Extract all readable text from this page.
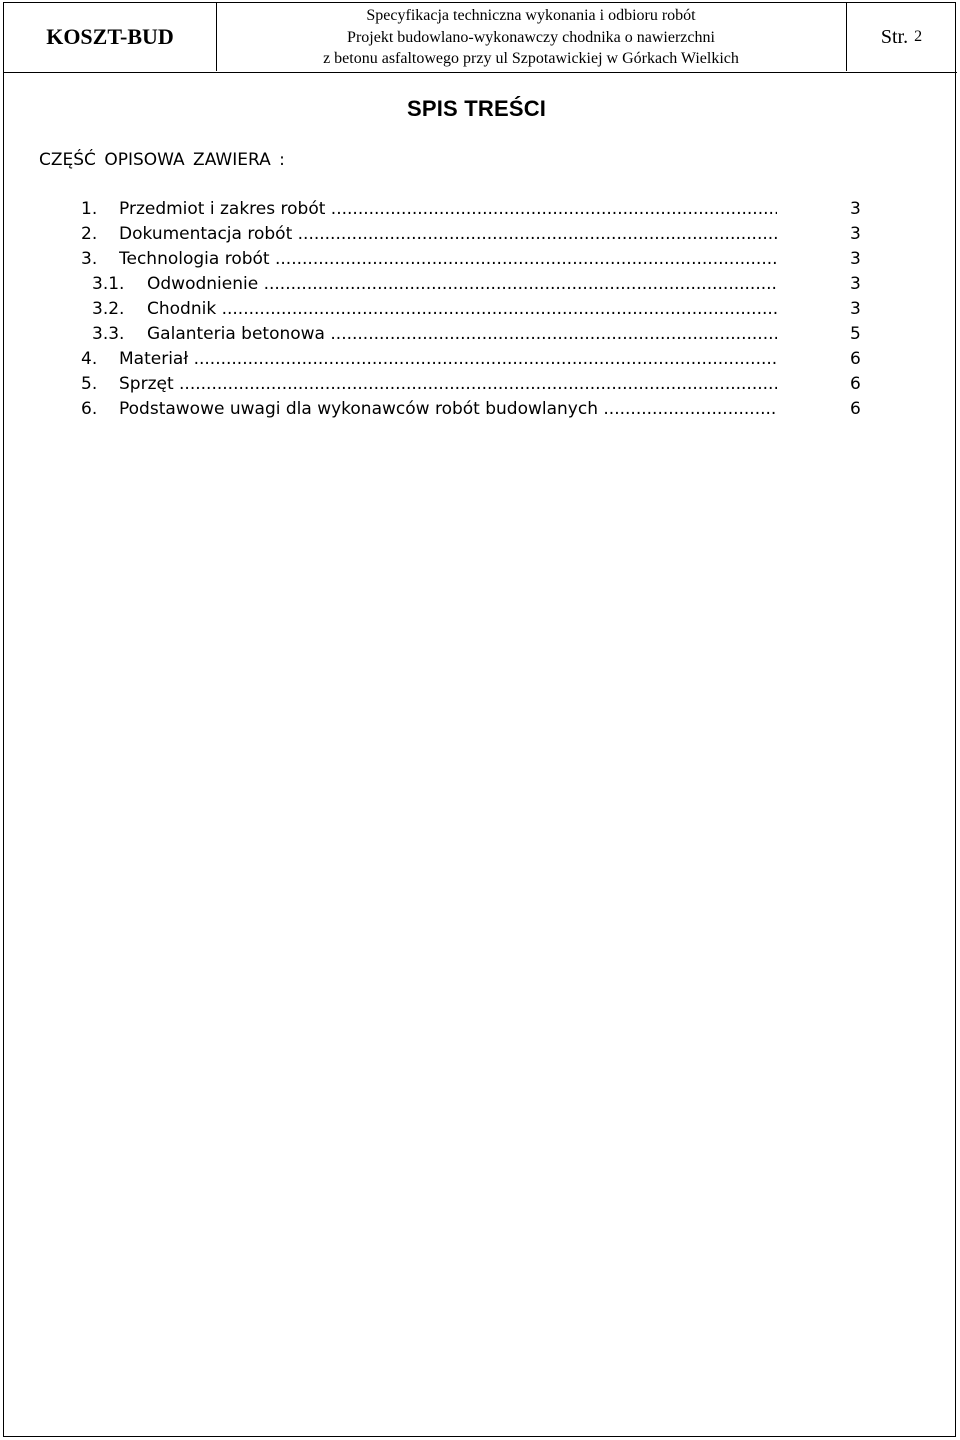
KOSZT-BUD
Specyfikacja techniczna wykonania i odbioru robót
Projekt budowlano-wykonawczy chodnika o nawierzchni
z betonu asfaltowego przy ul Szpotawickiej w Górkach Wielkich
Str. 2
SPIS TREŚCI
CZĘŚĆ OPISOWA ZAWIERA :
1. Przedmiot i zakres robót .....	3
2. Dokumentacja robót .....	3
3. Technologia robót .....	3
3.1. Odwodnienie .....	3
3.2. Chodnik .....	3
3.3. Galanteria betonowa .....	5
4. Materiał .....	6
5. Sprzęt .....	6
6. Podstawowe uwagi dla wykonawców robót budowlanych .....	6
